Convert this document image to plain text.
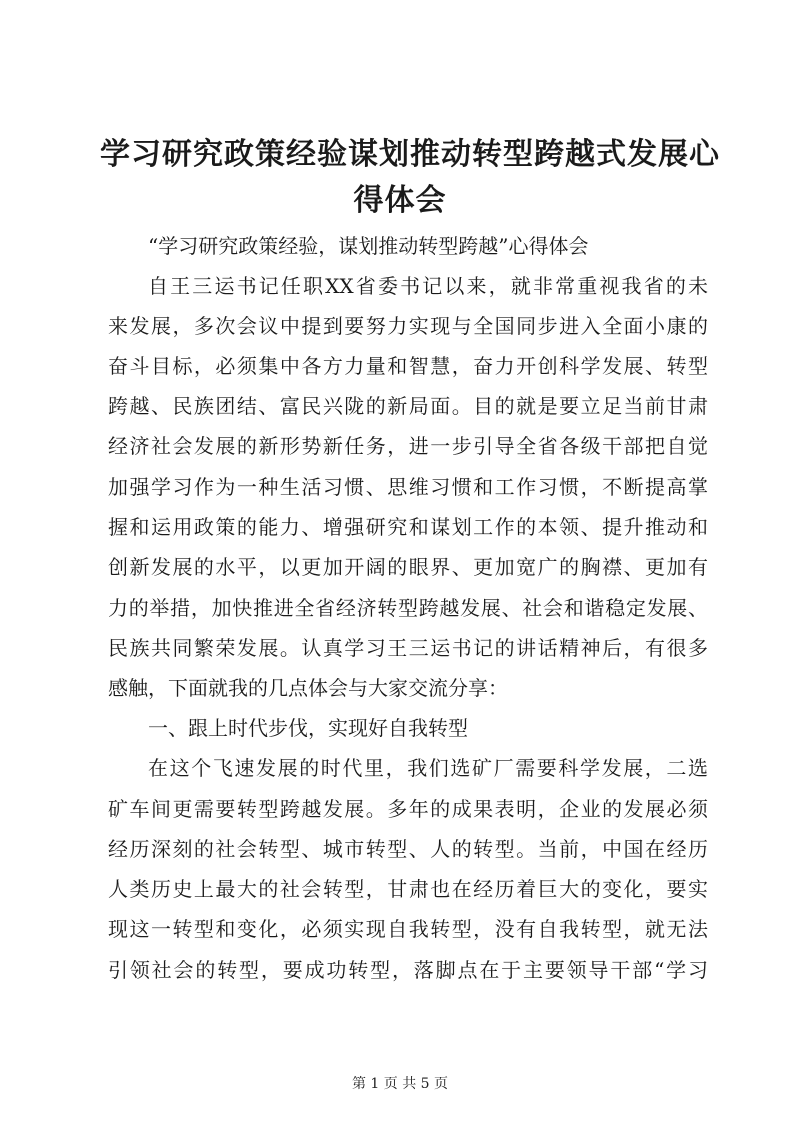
学习研究政策经验谋划推动转型跨越式发展心
得体会
“学习研究政策经验，谋划推动转型跨越”心得体会
自王三运书记任职XX省委书记以来，就非常重视我省的未
来发展，多次会议中提到要努力实现与全国同步进入全面小康的
奋斗目标，必须集中各方力量和智慧，奋力开创科学发展、转型
跨越、民族团结、富民兴陇的新局面。目的就是要立足当前甘肃
经济社会发展的新形势新任务，进一步引导全省各级干部把自觉
加强学习作为一种生活习惯、思维习惯和工作习惯，不断提高掌
握和运用政策的能力、增强研究和谋划工作的本领、提升推动和
创新发展的水平，以更加开阔的眼界、更加宽广的胸襟、更加有
力的举措，加快推进全省经济转型跨越发展、社会和谐稳定发展、
民族共同繁荣发展。认真学习王三运书记的讲话精神后，有很多
感触，下面就我的几点体会与大家交流分享：
一、跟上时代步伐，实现好自我转型
在这个飞速发展的时代里，我们选矿厂需要科学发展，二选
矿车间更需要转型跨越发展。多年的成果表明，企业的发展必须
经历深刻的社会转型、城市转型、人的转型。当前，中国在经历
人类历史上最大的社会转型，甘肃也在经历着巨大的变化，要实
现这一转型和变化，必须实现自我转型，没有自我转型，就无法
引领社会的转型，要成功转型，落脚点在于主要领导干部“学习
第 1 页 共 5 页
